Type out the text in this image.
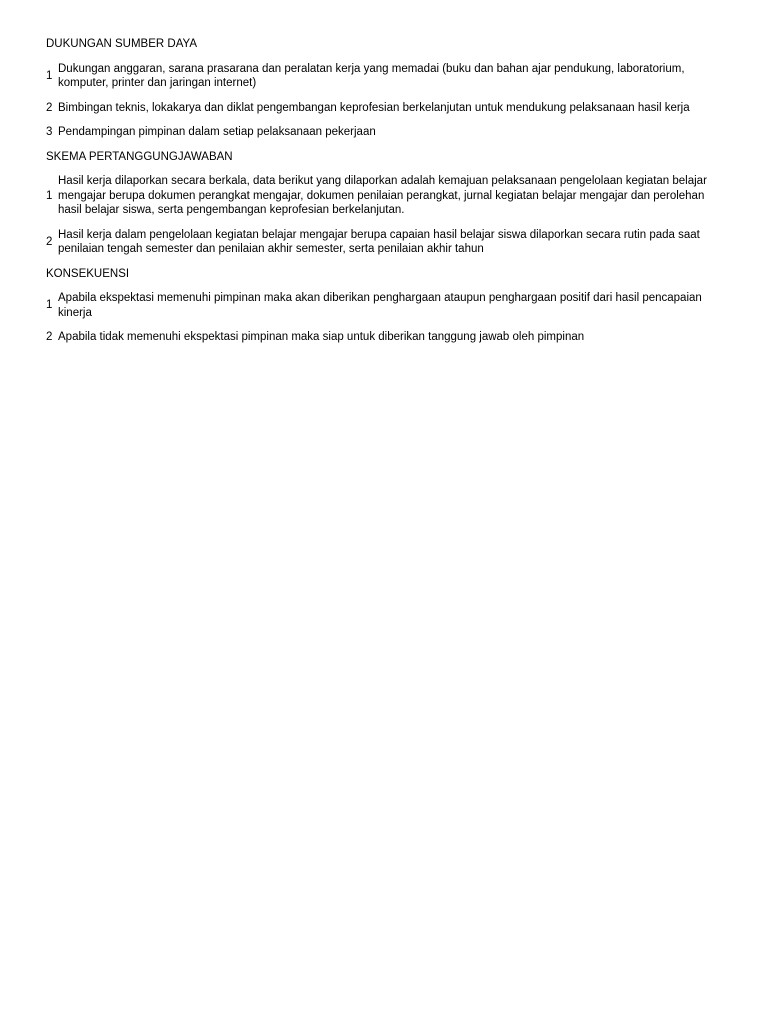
DUKUNGAN SUMBER DAYA
1
Dukungan anggaran, sarana prasarana dan peralatan kerja yang memadai (buku dan bahan ajar pendukung, laboratorium, komputer, printer dan jaringan internet)
2 Bimbingan teknis, lokakarya dan diklat pengembangan keprofesian berkelanjutan untuk mendukung pelaksanaan hasil kerja
3 Pendampingan pimpinan dalam setiap pelaksanaan pekerjaan
SKEMA PERTANGGUNGJAWABAN
1
Hasil kerja dilaporkan secara berkala, data berikut yang dilaporkan adalah kemajuan pelaksanaan pengelolaan kegiatan belajar mengajar berupa dokumen perangkat mengajar, dokumen penilaian perangkat, jurnal kegiatan belajar mengajar dan perolehan hasil belajar siswa, serta pengembangan keprofesian berkelanjutan.
2
Hasil kerja dalam pengelolaan kegiatan belajar mengajar berupa capaian hasil belajar siswa dilaporkan secara rutin pada saat penilaian tengah semester dan penilaian akhir semester, serta penilaian akhir tahun
KONSEKUENSI
1
Apabila ekspektasi memenuhi pimpinan maka akan diberikan penghargaan ataupun penghargaan positif dari hasil pencapaian kinerja
2 Apabila tidak memenuhi ekspektasi pimpinan maka siap untuk diberikan tanggung jawab oleh pimpinan
